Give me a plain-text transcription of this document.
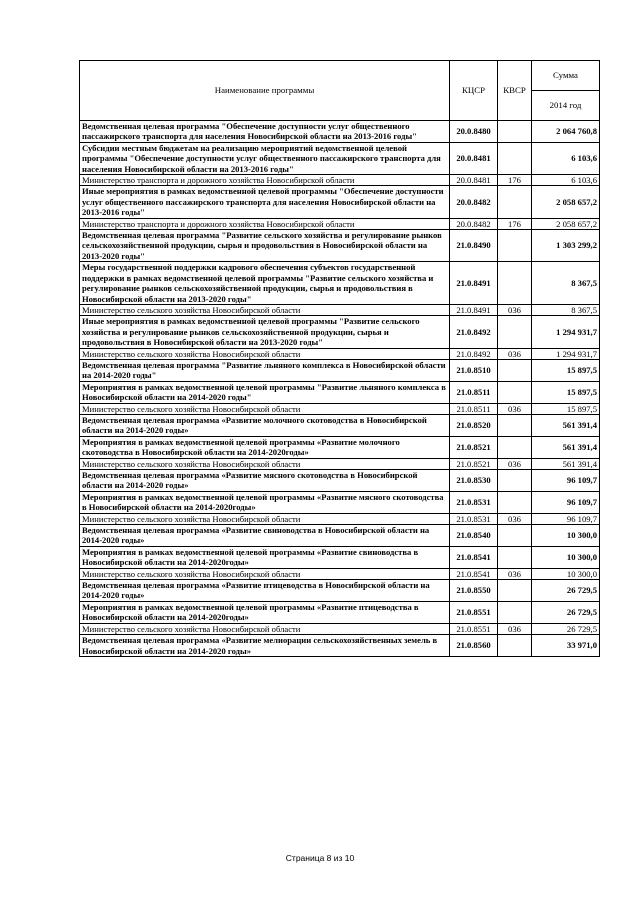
Наименование программы	КЦСР	КВСР	Сумма
			2014 год
Ведомственная целевая программа "Обеспечение доступности услуг общественного пассажирского транспорта для населения Новосибирской области на 2013-2016 годы"	20.0.8480		2 064 760,8
Субсидии местным бюджетам на реализацию мероприятий ведомственной целевой программы "Обеспечение доступности услуг общественного пассажирского транспорта для населения Новосибирской области на 2013-2016 годы"	20.0.8481		6 103,6
Министерство транспорта и дорожного хозяйства Новосибирской области	20.0.8481	176	6 103,6
Иные мероприятия в рамках ведомственной целевой программы "Обеспечение доступности услуг общественного пассажирского транспорта для населения Новосибирской области на 2013-2016 годы"	20.0.8482		2 058 657,2
Министерство транспорта и дорожного хозяйства Новосибирской области	20.0.8482	176	2 058 657,2
Ведомственная целевая программа "Развитие сельского хозяйства и регулирование рынков сельскохозяйственной продукции, сырья и продовольствия в Новосибирской области на 2013-2020 годы"	21.0.8490		1 303 299,2
Меры государственной поддержки кадрового обеспечения субъектов государственной поддержки в рамках ведомственной целевой программы "Развитие сельского хозяйства и регулирование рынков сельскохозяйственной продукции, сырья и продовольствия в Новосибирской области на 2013-2020 годы"	21.0.8491		8 367,5
Министерство сельского хозяйства Новосибирской области	21.0.8491	036	8 367,5
Иные мероприятия в рамках ведомственной целевой программы "Развитие сельского хозяйства и регулирование рынков сельскохозяйственной продукции, сырья и продовольствия в Новосибирской области на 2013-2020 годы"	21.0.8492		1 294 931,7
Министерство сельского хозяйства Новосибирской области	21.0.8492	036	1 294 931,7
Ведомственная целевая программа "Развитие льняного комплекса в Новосибирской области на 2014-2020 годы"	21.0.8510		15 897,5
Мероприятия в рамках ведомственной целевой программы "Развитие льняного комплекса в Новосибирской области на 2014-2020 годы"	21.0.8511		15 897,5
Министерство сельского хозяйства Новосибирской области	21.0.8511	036	15 897,5
Ведомственная целевая программа «Развитие молочного скотоводства в Новосибирской области на 2014-2020 годы»	21.0.8520		561 391,4
Мероприятия в рамках ведомственной целевой программы «Развитие молочного скотоводства в Новосибирской области на 2014-2020годы»	21.0.8521		561 391,4
Министерство сельского хозяйства Новосибирской области	21.0.8521	036	561 391,4
Ведомственная целевая программа «Развитие мясного скотоводства в Новосибирской области на 2014-2020 годы»	21.0.8530		96 109,7
Мероприятия в рамках ведомственной целевой программы «Развитие мясного скотоводства в Новосибирской области на 2014-2020годы»	21.0.8531		96 109,7
Министерство сельского хозяйства Новосибирской области	21.0.8531	036	96 109,7
Ведомственная целевая программа «Развитие свиноводства в Новосибирской области на 2014-2020 годы»	21.0.8540		10 300,0
Мероприятия в рамках ведомственной целевой программы «Развитие свиноводства в Новосибирской области на 2014-2020годы»	21.0.8541		10 300,0
Министерство сельского хозяйства Новосибирской области	21.0.8541	036	10 300,0
Ведомственная целевая программа «Развитие птицеводства в Новосибирской области на 2014-2020 годы»	21.0.8550		26 729,5
Мероприятия в рамках ведомственной целевой программы «Развитие птицеводства в Новосибирской области на 2014-2020годы»	21.0.8551		26 729,5
Министерство сельского хозяйства Новосибирской области	21.0.8551	036	26 729,5
Ведомственная целевая программа «Развитие мелиорации сельскохозяйственных земель в Новосибирской области на 2014-2020 годы»	21.0.8560		33 971,0
Страница 8 из 10
